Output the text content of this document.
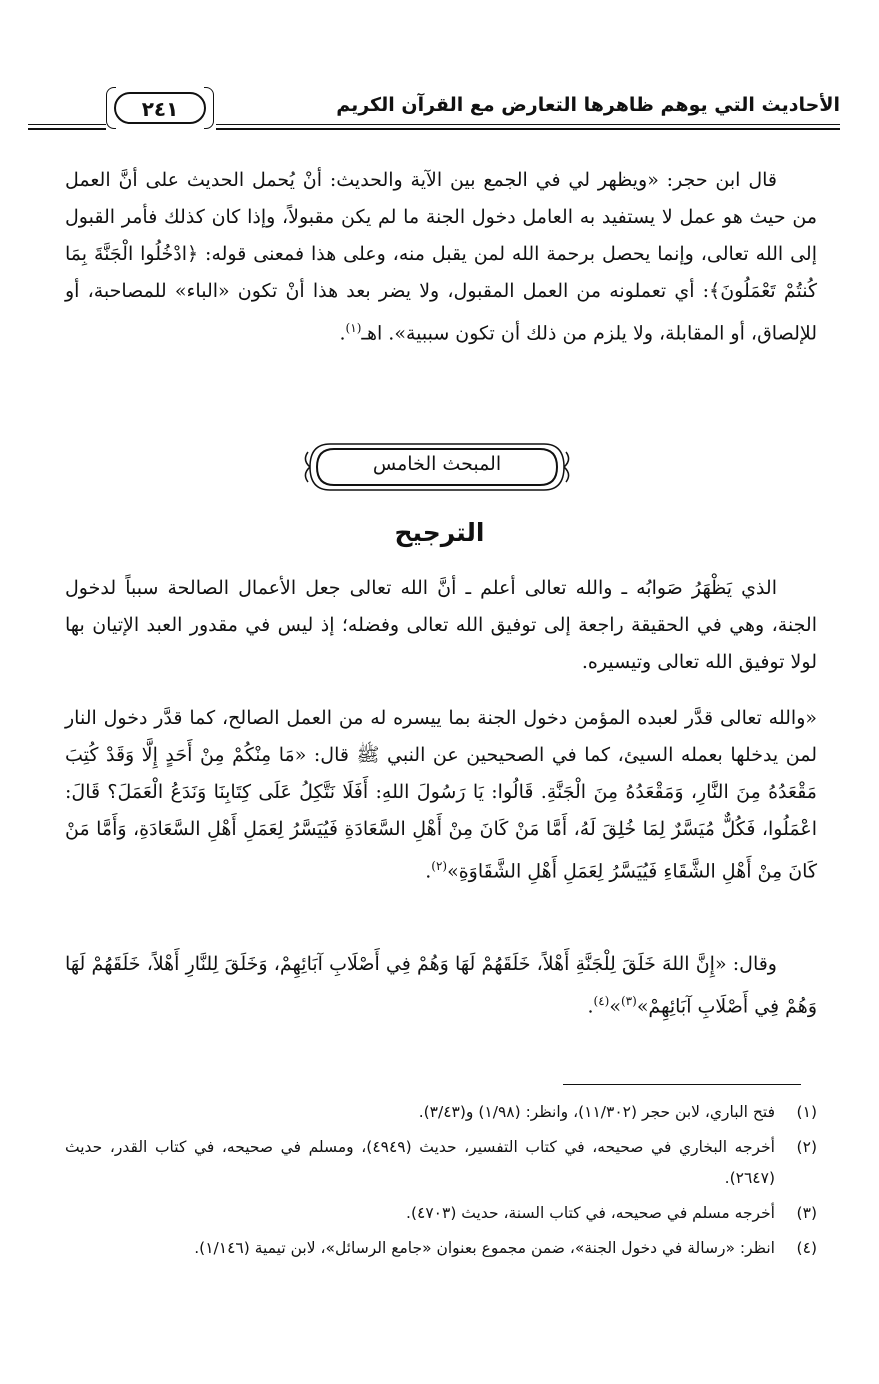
الأحاديث التي يوهم ظاهرها التعارض مع القرآن الكريم
٢٤١
قال ابن حجر: «ويظهر لي في الجمع بين الآية والحديث: أنْ يُحمل الحديث على أنَّ العمل من حيث هو عمل لا يستفيد به العامل دخول الجنة ما لم يكن مقبولاً، وإذا كان كذلك فأمر القبول إلى الله تعالى، وإنما يحصل برحمة الله لمن يقبل منه، وعلى هذا فمعنى قوله: ﴿ادْخُلُوا الْجَنَّةَ بِمَا كُنتُمْ تَعْمَلُونَ﴾: أي تعملونه من العمل المقبول، ولا يضر بعد هذا أنْ تكون «الباء» للمصاحبة، أو للإلصاق، أو المقابلة، ولا يلزم من ذلك أن تكون سببية». اهـ$^{(١)}$.
المبحث الخامس
الترجيح
الذي يَظْهَرُ صَوابُه ـ والله تعالى أعلم ـ أنَّ الله تعالى جعل الأعمال الصالحة سبباً لدخول الجنة، وهي في الحقيقة راجعة إلى توفيق الله تعالى وفضله؛ إذ ليس في مقدور العبد الإتيان بها لولا توفيق الله تعالى وتيسيره.
«والله تعالى قدَّر لعبده المؤمن دخول الجنة بما ييسره له من العمل الصالح، كما قدَّر دخول النار لمن يدخلها بعمله السيئ، كما في الصحيحين عن النبي ﷺ قال: «مَا مِنْكُمْ مِنْ أَحَدٍ إِلَّا وَقَدْ كُتِبَ مَقْعَدُهُ مِنَ النَّارِ، وَمَقْعَدُهُ مِنَ الْجَنَّةِ. قَالُوا: يَا رَسُولَ اللهِ: أَفَلَا نَتَّكِلُ عَلَى كِتَابِنَا وَنَدَعُ الْعَمَلَ؟ قَالَ: اعْمَلُوا، فَكُلٌّ مُيَسَّرٌ لِمَا خُلِقَ لَهُ، أَمَّا مَنْ كَانَ مِنْ أَهْلِ السَّعَادَةِ فَيُيَسَّرُ لِعَمَلِ أَهْلِ السَّعَادَةِ، وَأَمَّا مَنْ كَانَ مِنْ أَهْلِ الشَّقَاءِ فَيُيَسَّرُ لِعَمَلِ أَهْلِ الشَّقَاوَةِ»$^{(٢)}$.
وقال: «إِنَّ اللهَ خَلَقَ لِلْجَنَّةِ أَهْلاً، خَلَقَهُمْ لَهَا وَهُمْ فِي أَصْلَابِ آبَائِهِمْ، وَخَلَقَ لِلنَّارِ أَهْلاً، خَلَقَهُمْ لَهَا وَهُمْ فِي أَصْلَابِ آبَائِهِمْ»$^{(٣)}$»$^{(٤)}$.
(١)
فتح الباري، لابن حجر (١١/٣٠٢)، وانظر: (١/٩٨) و(٣/٤٣).
(٢)
أخرجه البخاري في صحيحه، في كتاب التفسير، حديث (٤٩٤٩)، ومسلم في صحيحه، في كتاب القدر، حديث (٢٦٤٧).
(٣)
أخرجه مسلم في صحيحه، في كتاب السنة، حديث (٤٧٠٣).
(٤)
انظر: «رسالة في دخول الجنة»، ضمن مجموع بعنوان «جامع الرسائل»، لابن تيمية (١/١٤٦).
